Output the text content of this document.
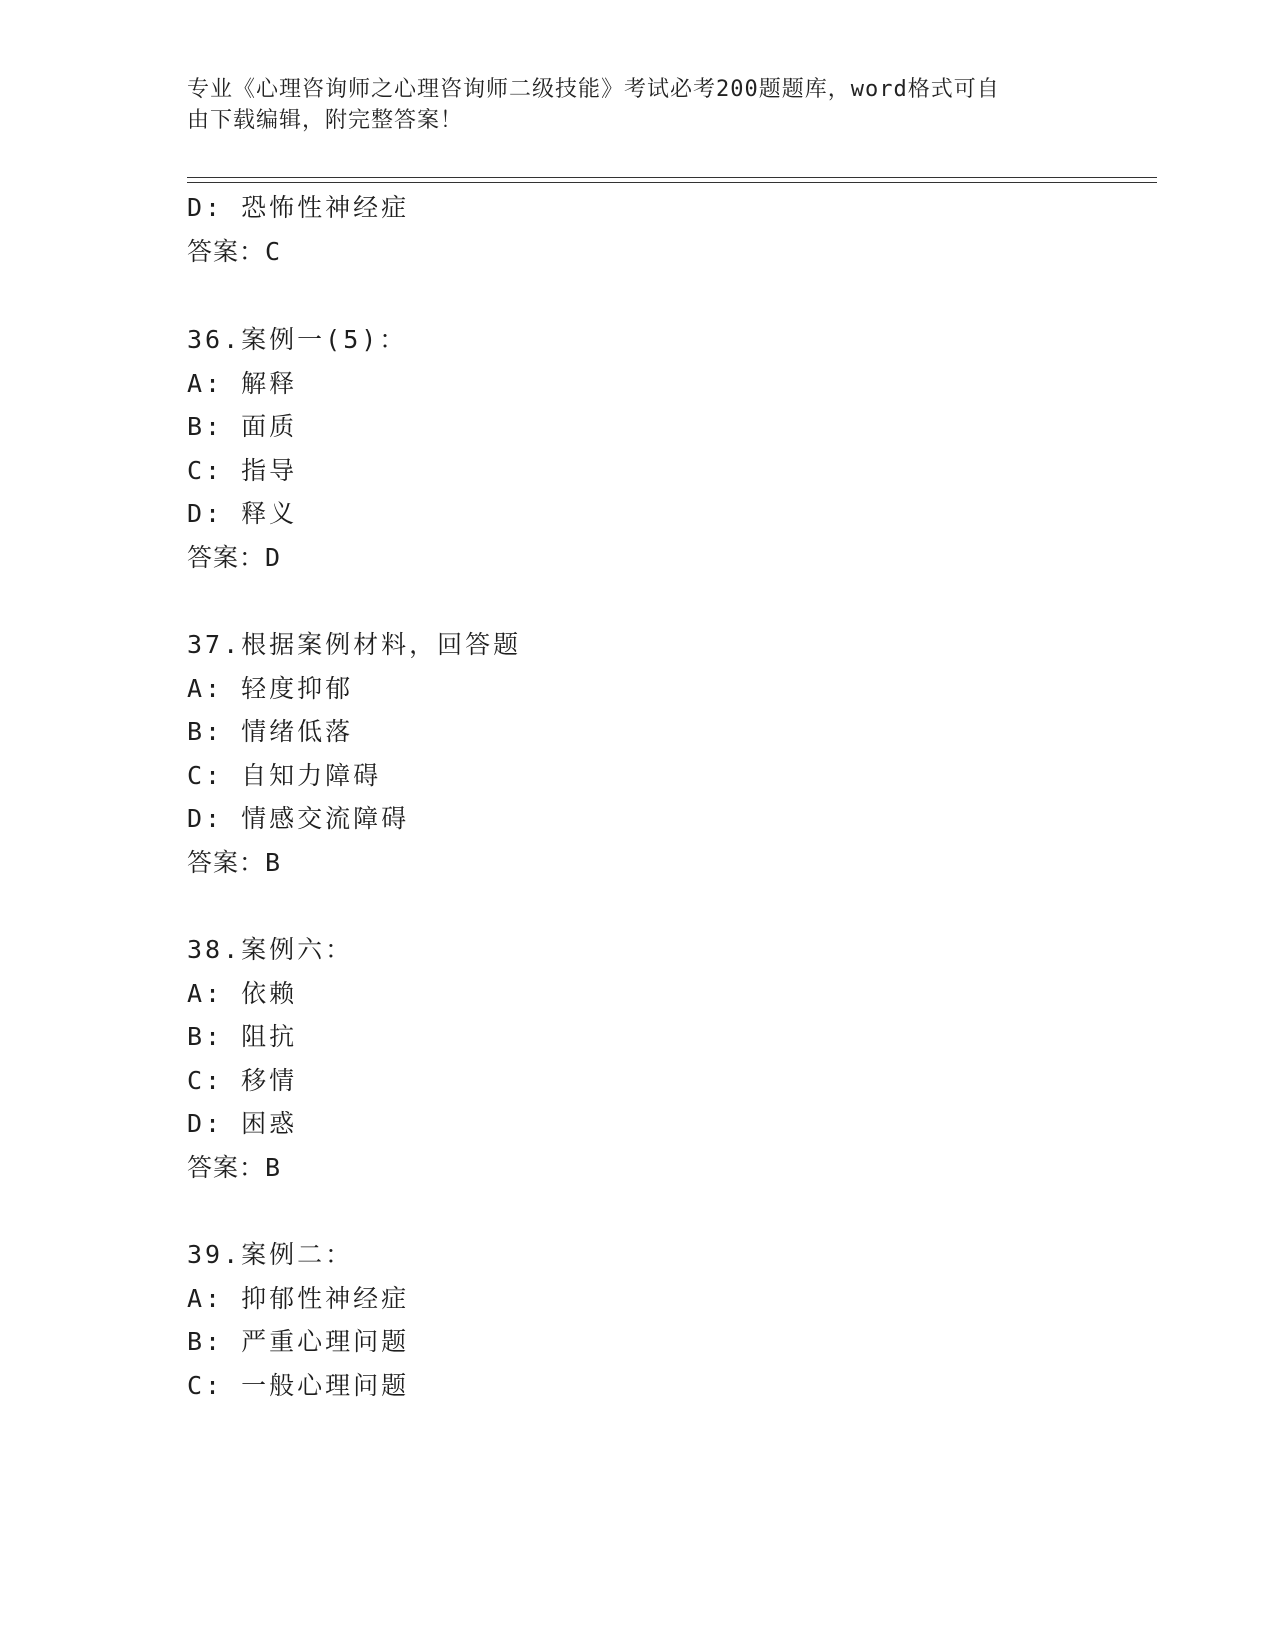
专业《心理咨询师之心理咨询师二级技能》考试必考200题题库，word格式可自
由下载编辑，附完整答案！
D: 恐怖性神经症
答案：C
36.案例一(5)：
A: 解释
B: 面质
C: 指导
D: 释义
答案：D
37.根据案例材料，回答题
A: 轻度抑郁
B: 情绪低落
C: 自知力障碍
D: 情感交流障碍
答案：B
38.案例六：
A: 依赖
B: 阻抗
C: 移情
D: 困惑
答案：B
39.案例二：
A: 抑郁性神经症
B: 严重心理问题
C: 一般心理问题
